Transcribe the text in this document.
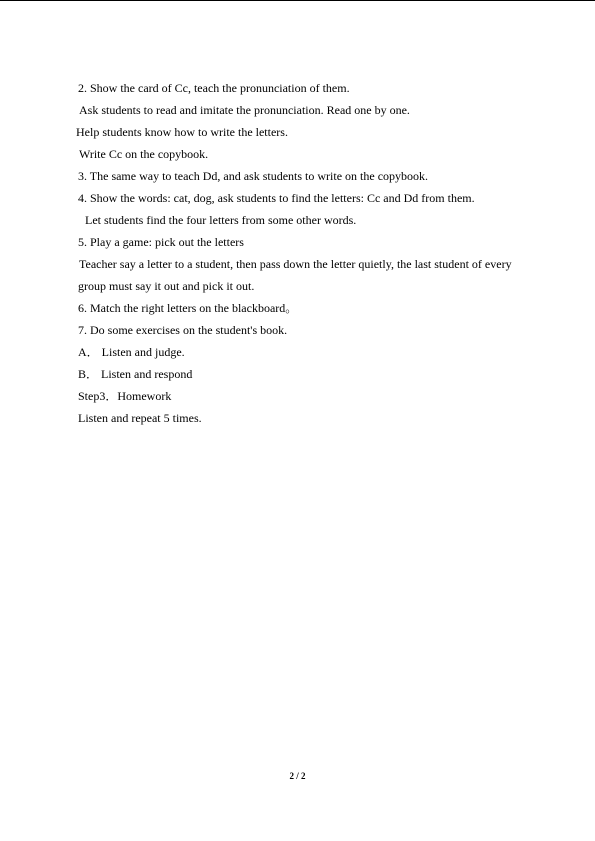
2. Show the card of Cc, teach the pronunciation of them.
Ask students to read and imitate the pronunciation. Read one by one.
Help students know how to write the letters.
Write Cc on the copybook.
3. The same way to teach Dd, and ask students to write on the copybook.
4. Show the words: cat, dog, ask students to find the letters: Cc and Dd from them.
Let students find the four letters from some other words.
5. Play a game: pick out the letters
Teacher say a letter to a student, then pass down the letter quietly, the last student of every
group must say it out and pick it out.
6. Match the right letters on the blackboard。
7. Do some exercises on the student's book.
A． Listen and judge.
B． Listen and respond
Step3．Homework
Listen and repeat 5 times.
2 / 2
